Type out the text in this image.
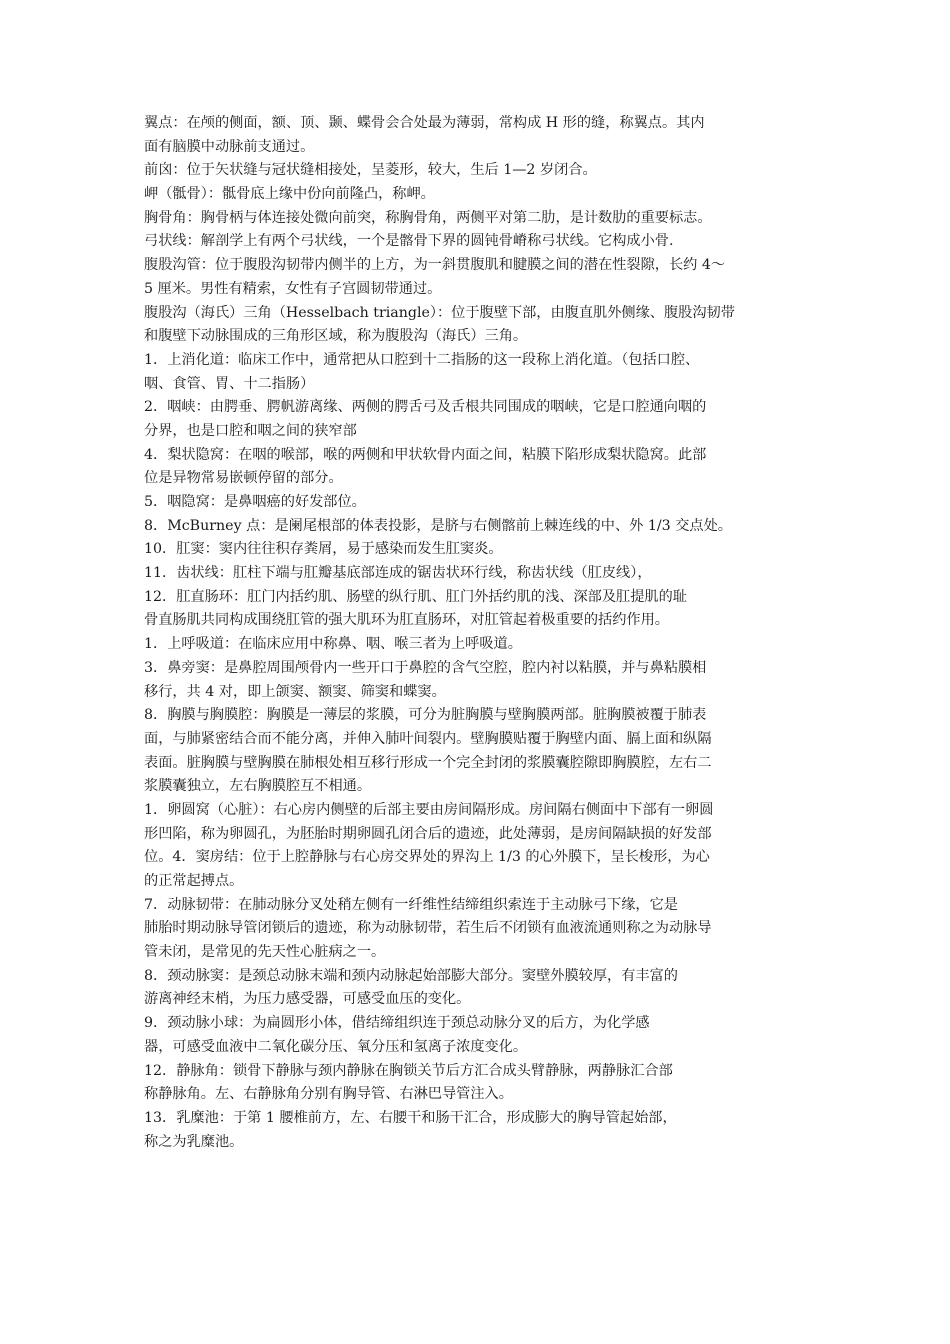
翼点：在颅的侧面，额、顶、颞、蝶骨会合处最为薄弱，常构成 H 形的缝，称翼点。其内
面有脑膜中动脉前支通过。
前囟：位于矢状缝与冠状缝相接处，呈菱形，较大，生后 1—2 岁闭合。
岬（骶骨）：骶骨底上缘中份向前隆凸，称岬。
胸骨角：胸骨柄与体连接处微向前突，称胸骨角，两侧平对第二肋，是计数肋的重要标志。
弓状线：解剖学上有两个弓状线，一个是髂骨下界的圆钝骨嵴称弓状线。它构成小骨.
腹股沟管：位于腹股沟韧带内侧半的上方，为一斜贯腹肌和腱膜之间的潜在性裂隙，长约 4～
5 厘米。男性有精索，女性有子宫圆韧带通过。
腹股沟（海氏）三角（Hesselbach triangle）：位于腹壁下部，由腹直肌外侧缘、腹股沟韧带
和腹壁下动脉围成的三角形区域，称为腹股沟（海氏）三角。
1．上消化道：临床工作中，通常把从口腔到十二指肠的这一段称上消化道。（包括口腔、
咽、食管、胃、十二指肠）
2．咽峡：由腭垂、腭帆游离缘、两侧的腭舌弓及舌根共同围成的咽峡，它是口腔通向咽的
分界，也是口腔和咽之间的狭窄部
4．梨状隐窝：在咽的喉部，喉的两侧和甲状软骨内面之间，粘膜下陷形成梨状隐窝。此部
位是异物常易嵌顿停留的部分。
5．咽隐窝：是鼻咽癌的好发部位。
8．McBurney 点：是阑尾根部的体表投影，是脐与右侧髂前上棘连线的中、外 1/3 交点处。
10．肛窦：窦内往往积存粪屑，易于感染而发生肛窦炎。
11．齿状线：肛柱下端与肛瓣基底部连成的锯齿状环行线，称齿状线（肛皮线），
12．肛直肠环：肛门内括约肌、肠壁的纵行肌、肛门外括约肌的浅、深部及肛提肌的耻
骨直肠肌共同构成围绕肛管的强大肌环为肛直肠环，对肛管起着极重要的括约作用。
1．上呼吸道：在临床应用中称鼻、咽、喉三者为上呼吸道。
3．鼻旁窦：是鼻腔周围颅骨内一些开口于鼻腔的含气空腔，腔内衬以粘膜，并与鼻粘膜相
移行，共 4 对，即上颌窦、额窦、筛窦和蝶窦。
8．胸膜与胸膜腔：胸膜是一薄层的浆膜，可分为脏胸膜与壁胸膜两部。脏胸膜被覆于肺表
面，与肺紧密结合而不能分离，并伸入肺叶间裂内。壁胸膜贴覆于胸壁内面、膈上面和纵隔
表面。脏胸膜与壁胸膜在肺根处相互移行形成一个完全封闭的浆膜囊腔隙即胸膜腔，左右二
浆膜囊独立，左右胸膜腔互不相通。
1．卵圆窝（心脏）：右心房内侧壁的后部主要由房间隔形成。房间隔右侧面中下部有一卵圆
形凹陷，称为卵圆孔，为胚胎时期卵圆孔闭合后的遗迹，此处薄弱，是房间隔缺损的好发部
位。4．窦房结：位于上腔静脉与右心房交界处的界沟上 1/3 的心外膜下，呈长梭形，为心
的正常起搏点。
7．动脉韧带：在肺动脉分叉处稍左侧有一纤维性结缔组织索连于主动脉弓下缘，它是
肺胎时期动脉导管闭锁后的遗迹，称为动脉韧带，若生后不闭锁有血液流通则称之为动脉导
管未闭，是常见的先天性心脏病之一。
8．颈动脉窦：是颈总动脉末端和颈内动脉起始部膨大部分。窦壁外膜较厚，有丰富的
游离神经末梢，为压力感受器，可感受血压的变化。
9．颈动脉小球：为扁圆形小体，借结缔组织连于颈总动脉分叉的后方，为化学感
器，可感受血液中二氧化碳分压、氧分压和氢离子浓度变化。
12．静脉角：锁骨下静脉与颈内静脉在胸锁关节后方汇合成头臂静脉，两静脉汇合部
称静脉角。左、右静脉角分别有胸导管、右淋巴导管注入。
13．乳糜池：于第 1 腰椎前方，左、右腰干和肠干汇合，形成膨大的胸导管起始部，
称之为乳糜池。
